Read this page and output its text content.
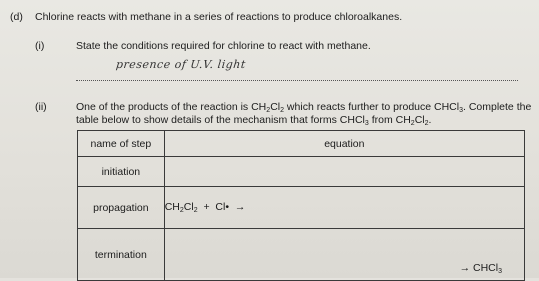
(d) Chlorine reacts with methane in a series of reactions to produce chloroalkanes.
(i)	State the conditions required for chlorine to react with methane.
presence of U.V. light
(ii)	One of the products of the reaction is $CH_2Cl_2$ which reacts further to produce CHCl$_3$. Complete the
table below to show details of the mechanism that forms CHCl$_3$ from $CH_2Cl_2$.
name of step	equation
initiation	
propagation	$CH_2Cl_2$  +  Cl•  →
termination	→ CHCl$_3$
